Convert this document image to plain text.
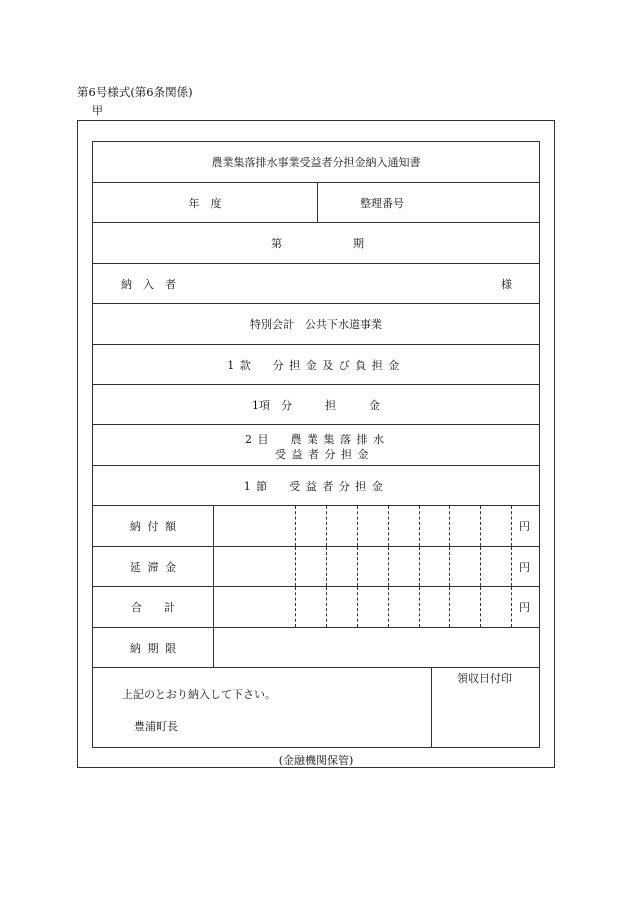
第6号様式(第6条関係)
甲
農業集落排水事業受益者分担金納入通知書
年　度	整理番号
第	期
納　入　者	様
特別会計　公共下水道事業
1款　分担金及び負担金
1項　分　　　担　　　金
2目　農業集落排水
受益者分担金
1節　受益者分担金
納付額	円
延滞金	円
合　　計	円
納期限
上記のとおり納入して下さい。
豊浦町長
領収日付印
(金融機関保管)
